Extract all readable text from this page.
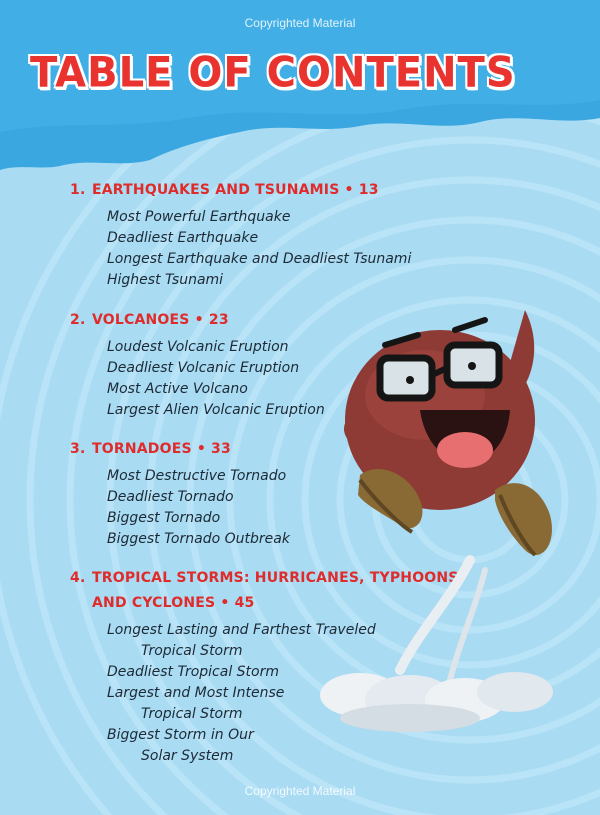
Copyrighted Material
TABLE OF CONTENTS
1. EARTHQUAKES AND TSUNAMIS • 13
Most Powerful Earthquake
Deadliest Earthquake
Longest Earthquake and Deadliest Tsunami
Highest Tsunami
2. VOLCANOES • 23
Loudest Volcanic Eruption
Deadliest Volcanic Eruption
Most Active Volcano
Largest Alien Volcanic Eruption
3. TORNADOES • 33
Most Destructive Tornado
Deadliest Tornado
Biggest Tornado
Biggest Tornado Outbreak
4. TROPICAL STORMS: HURRICANES, TYPHOONS,
AND CYCLONES • 45
Longest Lasting and Farthest Traveled
Tropical Storm
Deadliest Tropical Storm
Largest and Most Intense
Tropical Storm
Biggest Storm in Our
Solar System
Copyrighted Material
